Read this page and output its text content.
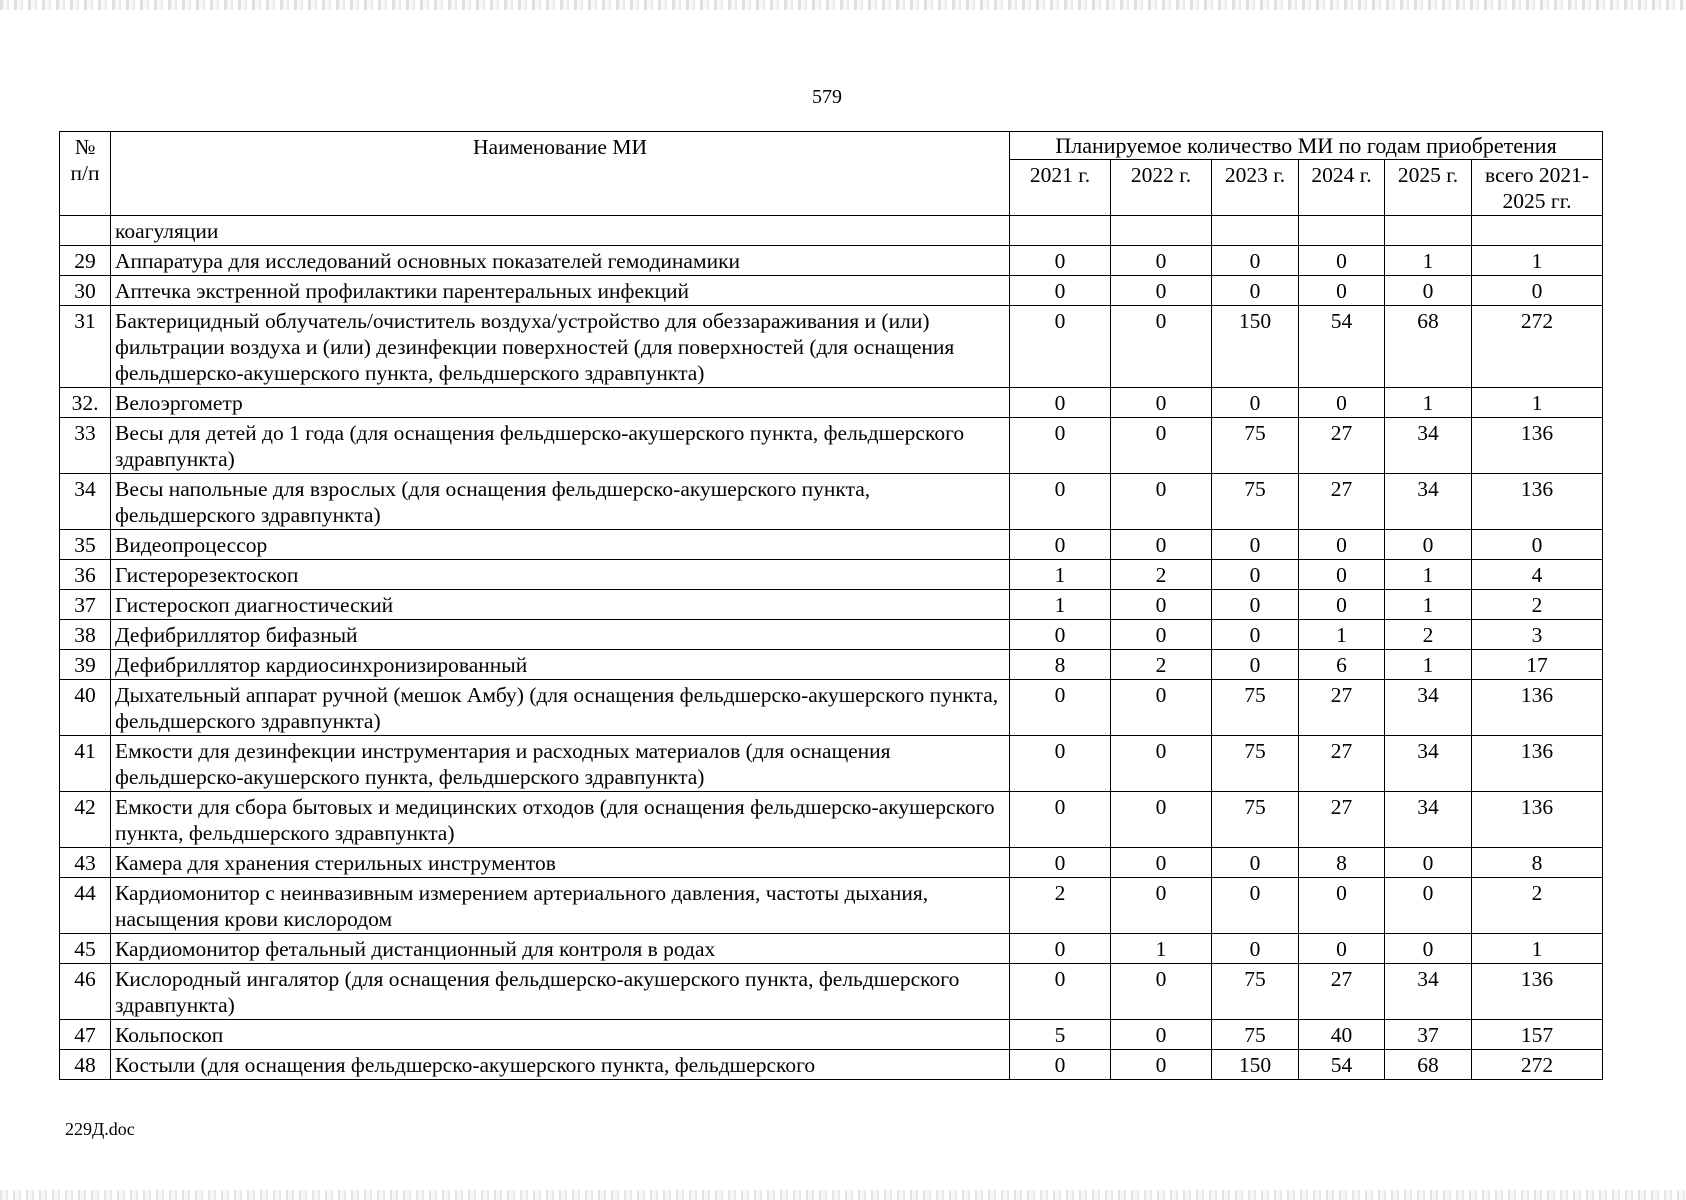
579
№ п/п	Наименование МИ	Планируемое количество МИ по годам приобретения					
		2021 г.	2022 г.	2023 г.	2024 г.	2025 г.	всего 2021-2025 гг.
	коагуляции						
29	Аппаратура для исследований основных показателей гемодинамики	0	0	0	0	1	1
30	Аптечка экстренной профилактики парентеральных инфекций	0	0	0	0	0	0
31	Бактерицидный облучатель/очиститель воздуха/устройство для обеззараживания и (или) фильтрации воздуха и (или) дезинфекции поверхностей (для поверхностей (для оснащения фельдшерско-акушерского пункта, фельдшерского здравпункта)	0	0	150	54	68	272
32.	Велоэргометр	0	0	0	0	1	1
33	Весы для детей до 1 года (для оснащения фельдшерско-акушерского пункта, фельдшерского здравпункта)	0	0	75	27	34	136
34	Весы напольные для взрослых (для оснащения фельдшерско-акушерского пункта, фельдшерского здравпункта)	0	0	75	27	34	136
35	Видеопроцессор	0	0	0	0	0	0
36	Гистерорезектоскоп	1	2	0	0	1	4
37	Гистероскоп диагностический	1	0	0	0	1	2
38	Дефибриллятор бифазный	0	0	0	1	2	3
39	Дефибриллятор кардиосинхронизированный	8	2	0	6	1	17
40	Дыхательный аппарат ручной (мешок Амбу) (для оснащения фельдшерско-акушерского пункта, фельдшерского здравпункта)	0	0	75	27	34	136
41	Емкости для дезинфекции инструментария и расходных материалов (для оснащения фельдшерско-акушерского пункта, фельдшерского здравпункта)	0	0	75	27	34	136
42	Емкости для сбора бытовых и медицинских отходов (для оснащения фельдшерско-акушерского пункта, фельдшерского здравпункта)	0	0	75	27	34	136
43	Камера для хранения стерильных инструментов	0	0	0	8	0	8
44	Кардиомонитор с неинвазивным измерением артериального давления, частоты дыхания, насыщения крови кислородом	2	0	0	0	0	2
45	Кардиомонитор фетальный дистанционный для контроля в родах	0	1	0	0	0	1
46	Кислородный ингалятор (для оснащения фельдшерско-акушерского пункта, фельдшерского здравпункта)	0	0	75	27	34	136
47	Кольпоскоп	5	0	75	40	37	157
48	Костыли (для оснащения фельдшерско-акушерского пункта, фельдшерского	0	0	150	54	68	272
229Д.doc
